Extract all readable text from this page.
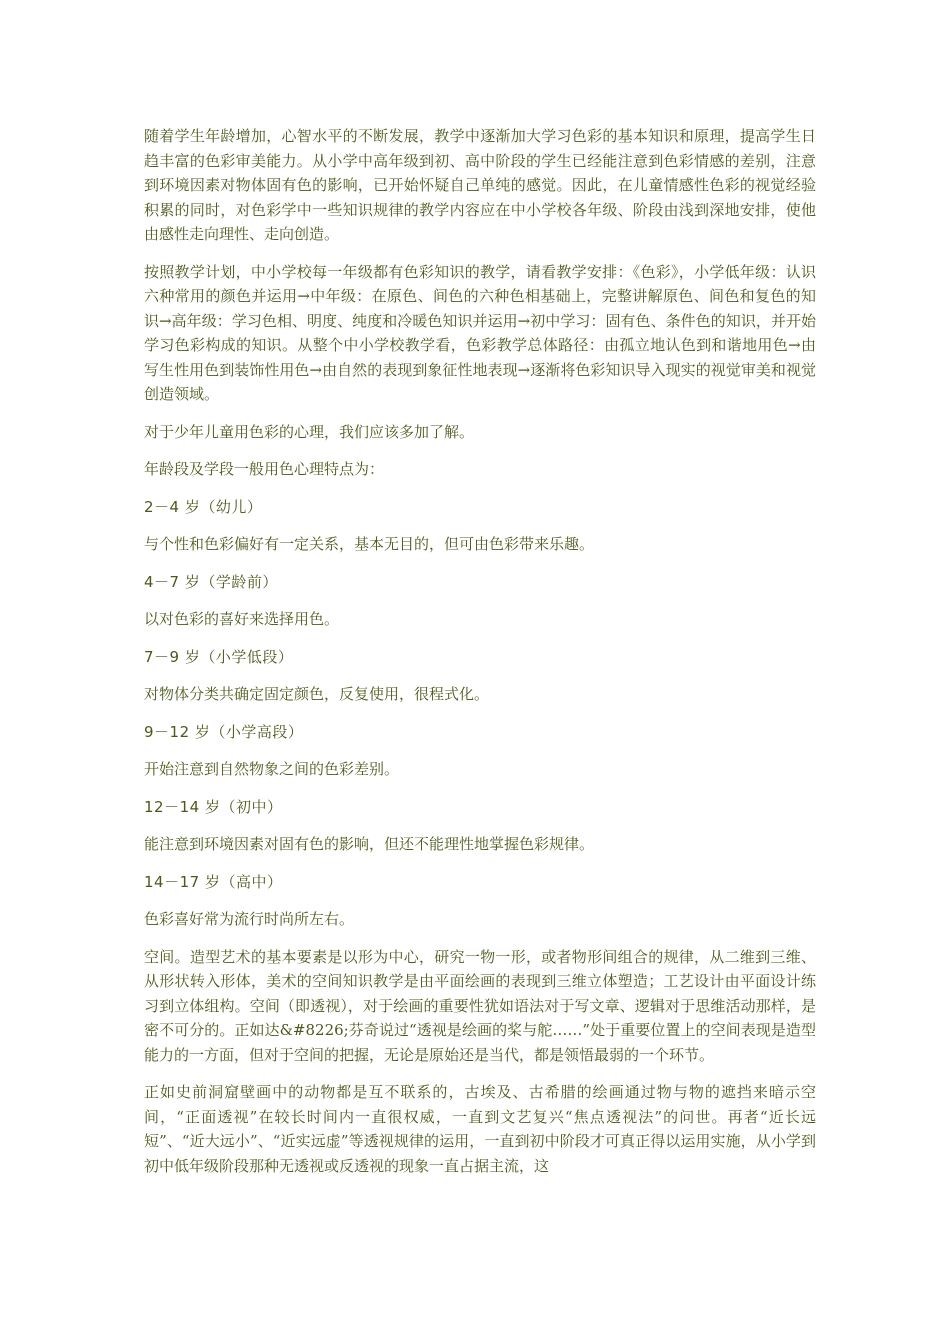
随着学生年龄增加，心智水平的不断发展，教学中逐渐加大学习色彩的基本知识和原理，提高学生日趋丰富的色彩审美能力。从小学中高年级到初、高中阶段的学生已经能注意到色彩情感的差别，注意到环境因素对物体固有色的影响，已开始怀疑自己单纯的感觉。因此，在儿童情感性色彩的视觉经验积累的同时，对色彩学中一些知识规律的教学内容应在中小学校各年级、阶段由浅到深地安排，使他由感性走向理性、走向创造。

按照教学计划，中小学校每一年级都有色彩知识的教学，请看教学安排：《色彩》，小学低年级：认识六种常用的颜色并运用→中年级：在原色、间色的六种色相基础上，完整讲解原色、间色和复色的知识→高年级：学习色相、明度、纯度和冷暖色知识并运用→初中学习：固有色、条件色的知识，并开始学习色彩构成的知识。从整个中小学校教学看，色彩教学总体路径：由孤立地认色到和谐地用色→由写生性用色到装饰性用色→由自然的表现到象征性地表现→逐渐将色彩知识导入现实的视觉审美和视觉创造领域。

对于少年儿童用色彩的心理，我们应该多加了解。

年龄段及学段一般用色心理特点为：

2－4 岁（幼儿）

与个性和色彩偏好有一定关系，基本无目的，但可由色彩带来乐趣。

4－7 岁（学龄前）

以对色彩的喜好来选择用色。

7－9 岁（小学低段）

对物体分类共确定固定颜色，反复使用，很程式化。

9－12 岁（小学高段）

开始注意到自然物象之间的色彩差别。

12－14 岁（初中）

能注意到环境因素对固有色的影响，但还不能理性地掌握色彩规律。

14－17 岁（高中）

色彩喜好常为流行时尚所左右。

空间。造型艺术的基本要素是以形为中心，研究一物一形，或者物形间组合的规律，从二维到三维、从形状转入形体，美术的空间知识教学是由平面绘画的表现到三维立体塑造；工艺设计由平面设计练习到立体组构。空间（即透视），对于绘画的重要性犹如语法对于写文章、逻辑对于思维活动那样，是密不可分的。正如达&#8226;芬奇说过“透视是绘画的桨与舵……”处于重要位置上的空间表现是造型能力的一方面，但对于空间的把握，无论是原始还是当代，都是领悟最弱的一个环节。

正如史前洞窟壁画中的动物都是互不联系的，古埃及、古希腊的绘画通过物与物的遮挡来暗示空间，“正面透视”在较长时间内一直很权威，一直到文艺复兴“焦点透视法”的问世。再者“近长远短”、“近大远小”、“近实远虚”等透视规律的运用，一直到初中阶段才可真正得以运用实施，从小学到初中低年级阶段那种无透视或反透视的现象一直占据主流，这
